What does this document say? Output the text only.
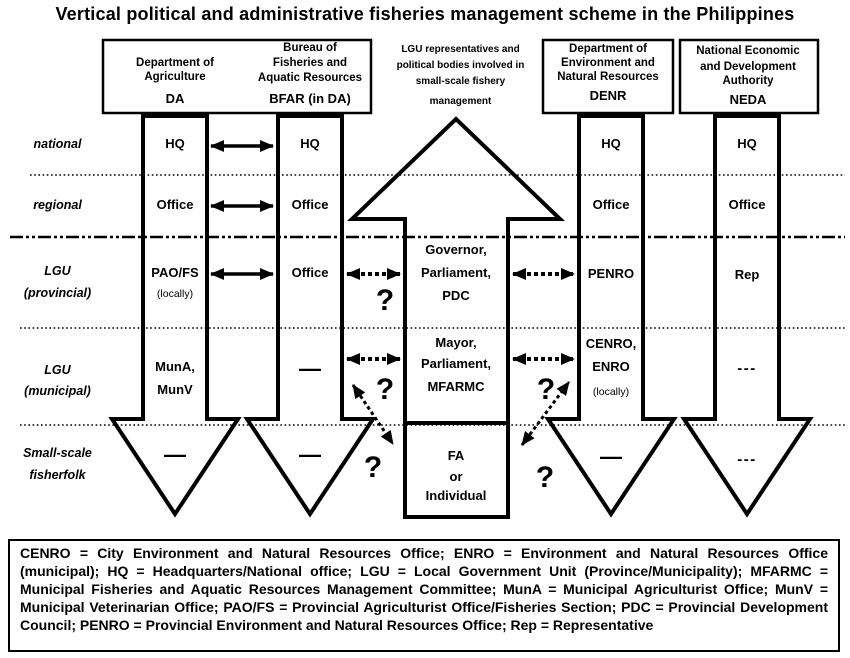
Vertical political and administrative fisheries management scheme in the Philippines
Department of
Agriculture
DA
Bureau of
Fisheries and
Aquatic Resources
BFAR (in DA)
LGU representatives and
political bodies involved in
small-scale fishery
management
Department of
Environment and
Natural Resources
DENR
National Economic
and Development
Authority
NEDA
national
regional
LGU
(provincial)
LGU
(municipal)
Small-scale
fisherfolk
HQ
Office
PAO/FS
(locally)
MunA,
MunV
—
HQ
Office
Office
—
—
Governor,
Parliament,
PDC
Mayor,
Parliament,
MFARMC
FA
or
Individual
HQ
Office
PENRO
CENRO,
ENRO
(locally)
—
HQ
Office
Rep
---
---
?
?	?
?	?
CENRO = City Environment and Natural Resources Office; ENRO = Environment and Natural Resources Office (municipal); HQ = Headquarters/National office; LGU = Local Government Unit (Province/Municipality); MFARMC = Municipal Fisheries and Aquatic Resources Management Committee; MunA = Municipal Agriculturist Office; MunV = Municipal Veterinarian Office; PAO/FS = Provincial Agriculturist Office/Fisheries Section; PDC = Provincial Development Council; PENRO = Provincial Environment and Natural Resources Office; Rep = Representative
